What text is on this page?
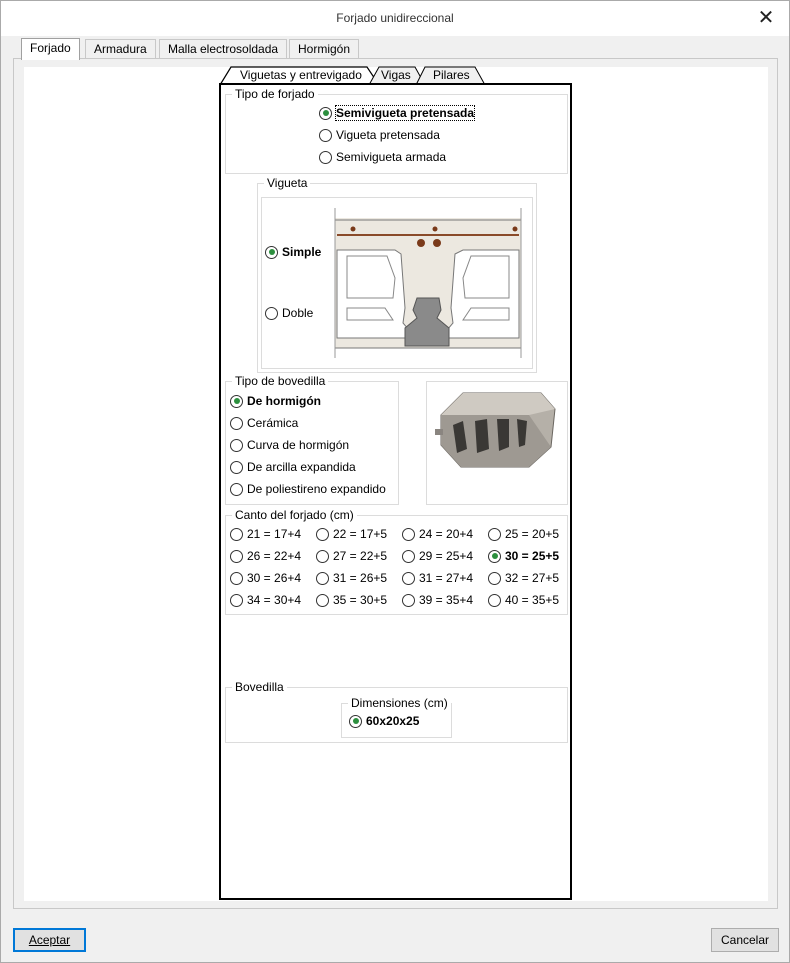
Forjado unidireccional	✕
Forjado	Armadura	Malla electrosoldada	Hormigón
Viguetas y entrevigado	Vigas	Pilares
Tipo de forjado
Semivigueta pretensada
Vigueta pretensada
Semivigueta armada
Vigueta
Simple
Doble
Tipo de bovedilla
De hormigón
Cerámica
Curva de hormigón
De arcilla expandida
De poliestireno expandido
Canto del forjado (cm)
21 = 17+4	22 = 17+5	24 = 20+4	25 = 20+5
26 = 22+4	27 = 22+5	29 = 25+4	30 = 25+5
30 = 26+4	31 = 26+5	31 = 27+4	32 = 27+5
34 = 30+4	35 = 30+5	39 = 35+4	40 = 35+5
Bovedilla
Dimensiones (cm)
60x20x25
Aceptar	Cancelar
